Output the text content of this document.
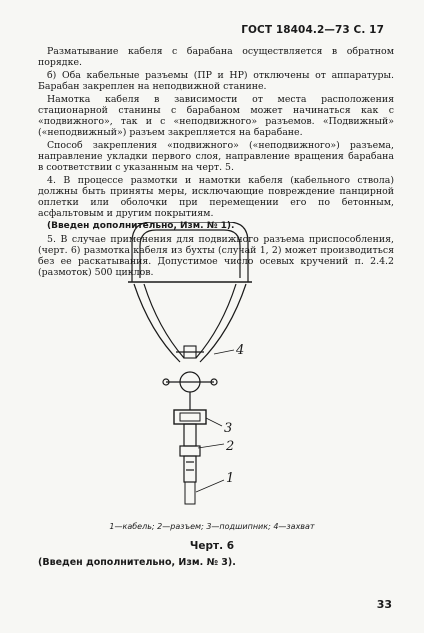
ГОСТ 18404.2—73 С. 17

Разматывание кабеля с барабана осуществляется в обратном порядке.

б) Оба кабельные разъемы (ПР и НР) отключены от аппаратуры. Барабан закреплен на неподвижной станине.

Намотка кабеля в зависимости от места расположения стационарной станины с барабаном может начинаться как с «подвижного», так и с «неподвижного» разъемов. «Подвижный» («неподвижный») разъем закрепляется на барабане.

Способ закрепления «подвижного» («неподвижного») разъема, направление укладки первого слоя, направление вращения барабана в соответствии с указанным на черт. 5.

4. В процессе размотки и намотки кабеля (кабельного ствола) должны быть приняты меры, исключающие повреждение панцирной оплетки или оболочки при перемещении его по бетонным, асфальтовым и другим покрытиям.

(Введен дополнительно, Изм. № 1).

5. В случае применения для подвижного разъема приспособления, (черт. 6) размотка кабеля из бухты (случай 1, 2) может производиться без ее раскатывания. Допустимое число осевых кручений п. 2.4.2 (размоток) 500 циклов.

4
3
2
1
1—кабель; 2—разъем; 3—подшипник; 4—захват
Черт. 6
(Введен дополнительно, Изм. № 3).
33
